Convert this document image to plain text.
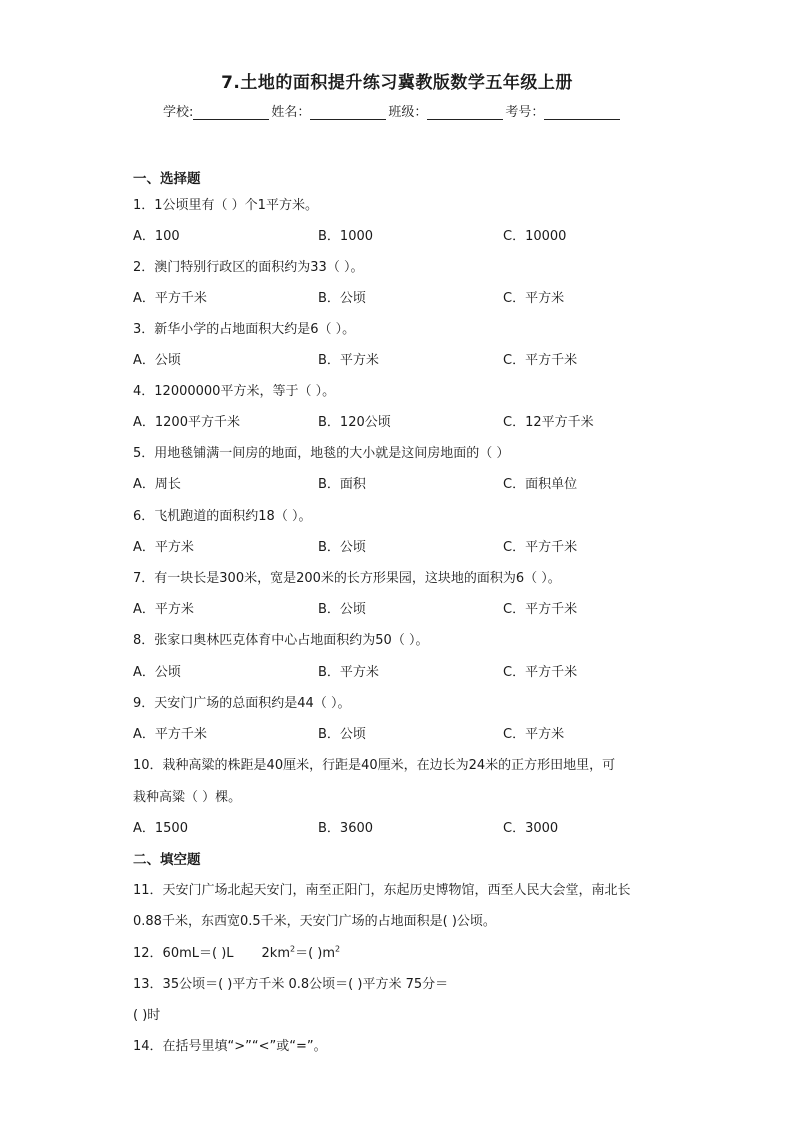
7.土地的面积提升练习冀教版数学五年级上册
学校:	姓名：	班级：	考号：
一、选择题
1．1公顷里有（ ）个1平方米。
A．100	B．1000	C．10000
2．澳门特别行政区的面积约为33（ ）。
A．平方千米	B．公顷	C．平方米
3．新华小学的占地面积大约是6（ ）。
A．公顷	B．平方米	C．平方千米
4．12000000平方米，等于（ ）。
A．1200平方千米	B．120公顷	C．12平方千米
5．用地毯铺满一间房的地面，地毯的大小就是这间房地面的（ ）
A．周长	B．面积	C．面积单位
6．飞机跑道的面积约18（ ）。
A．平方米	B．公顷	C．平方千米
7．有一块长是300米，宽是200米的长方形果园，这块地的面积为6（ ）。
A．平方米	B．公顷	C．平方千米
8．张家口奥林匹克体育中心占地面积约为50（ ）。
A．公顷	B．平方米	C．平方千米
9．天安门广场的总面积约是44（ ）。
A．平方千米	B．公顷	C．平方米
10．栽种高粱的株距是40厘米，行距是40厘米，在边长为24米的正方形田地里，可
栽种高粱（ ）棵。
A．1500	B．3600	C．3000
二、填空题
11．天安门广场北起天安门，南至正阳门，东起历史博物馆，西至人民大会堂，南北长
0.88千米，东西宽0.5千米，天安门广场的占地面积是( )公顷。
12．60mL＝( )L $2km^2=$( )$m^2$
13．35公顷＝( )平方千米 0.8公顷＝( )平方米 75分＝
( )时
14．在括号里填“>”“<”或“=”。
